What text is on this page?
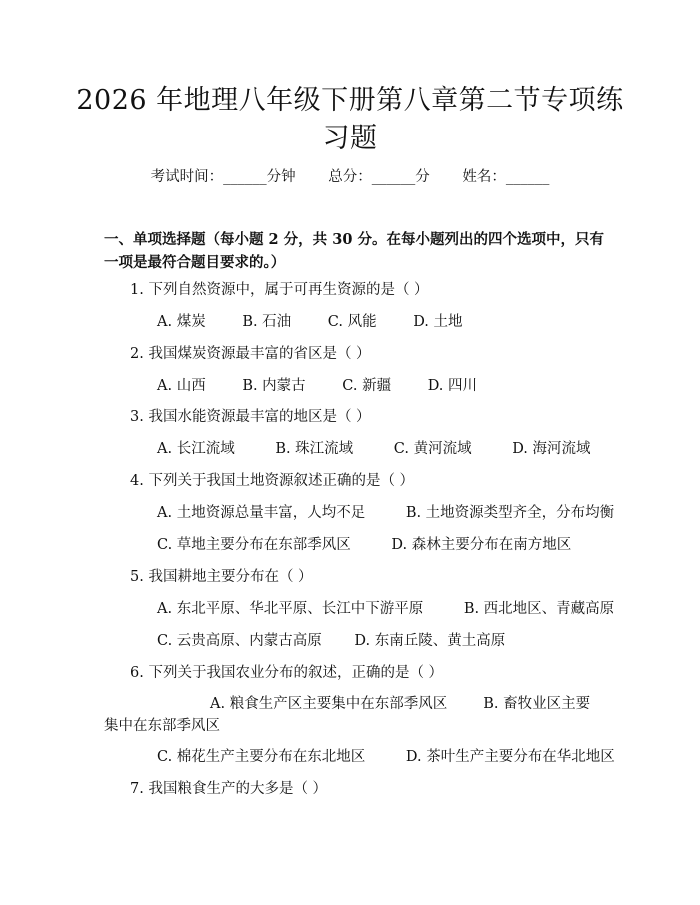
2026 年地理八年级下册第八章第二节专项练
习题
考试时间：______分钟 总分：______分 姓名：______
一、单项选择题（每小题 2 分，共 30 分。在每小题列出的四个选项中，只有一项是最符合题目要求的。）
1. 下列自然资源中，属于可再生资源的是（ ）
A. 煤炭	B. 石油	C. 风能	D. 土地
2. 我国煤炭资源最丰富的省区是（ ）
A. 山西	B. 内蒙古	C. 新疆	D. 四川
3. 我国水能资源最丰富的地区是（ ）
A. 长江流域	B. 珠江流域	C. 黄河流域	D. 海河流域
4. 下列关于我国土地资源叙述正确的是（ ）
A. 土地资源总量丰富，人均不足	B. 土地资源类型齐全，分布均衡
C. 草地主要分布在东部季风区	D. 森林主要分布在南方地区
5. 我国耕地主要分布在（ ）
A. 东北平原、华北平原、长江中下游平原	B. 西北地区、青藏高原
C. 云贵高原、内蒙古高原 D. 东南丘陵、黄土高原
6. 下列关于我国农业分布的叙述，正确的是（ ）
A. 粮食生产区主要集中在东部季风区 B. 畜牧业区主要集中在东部季风区
C. 棉花生产主要分布在东北地区	D. 茶叶生产主要分布在华北地区
7. 我国粮食生产的大多是（ ）
